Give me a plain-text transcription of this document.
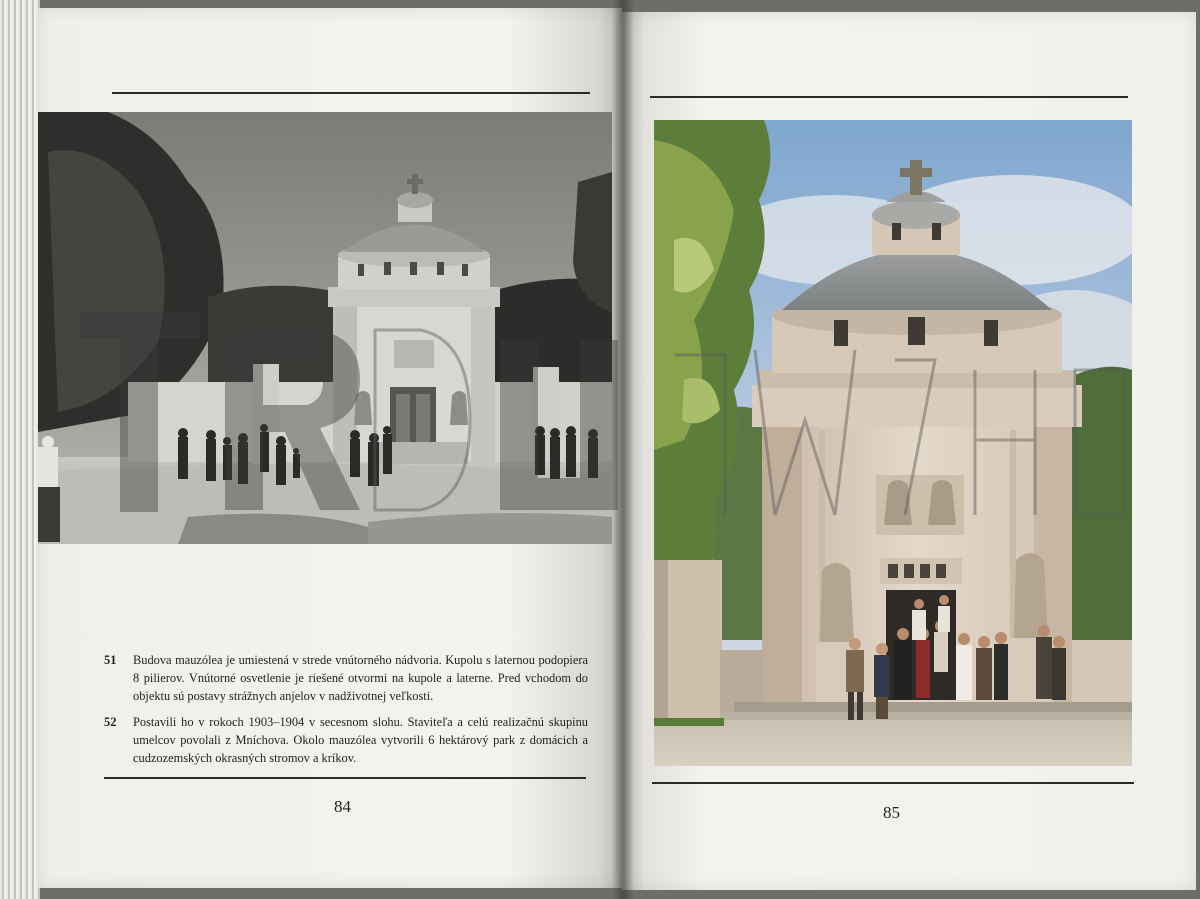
51 Budova mauzólea je umiestená v strede vnútorného nádvoria. Kupolu s laternou podopiera 8 pilierov. Vnútorné osvetlenie je riešené otvormi na kupole a laterne. Pred vchodom do objektu sú postavy strážnych anjelov v nadživotnej veľkosti.
52 Postavili ho v rokoch 1903–1904 v secesnom slohu. Staviteľa a celú realizačnú skupinu umelcov povolali z Mníchova. Okolo mauzólea vytvorili 6 hektárový park z domácich a cudzozemských okrasných stromov a kríkov.
84	85
